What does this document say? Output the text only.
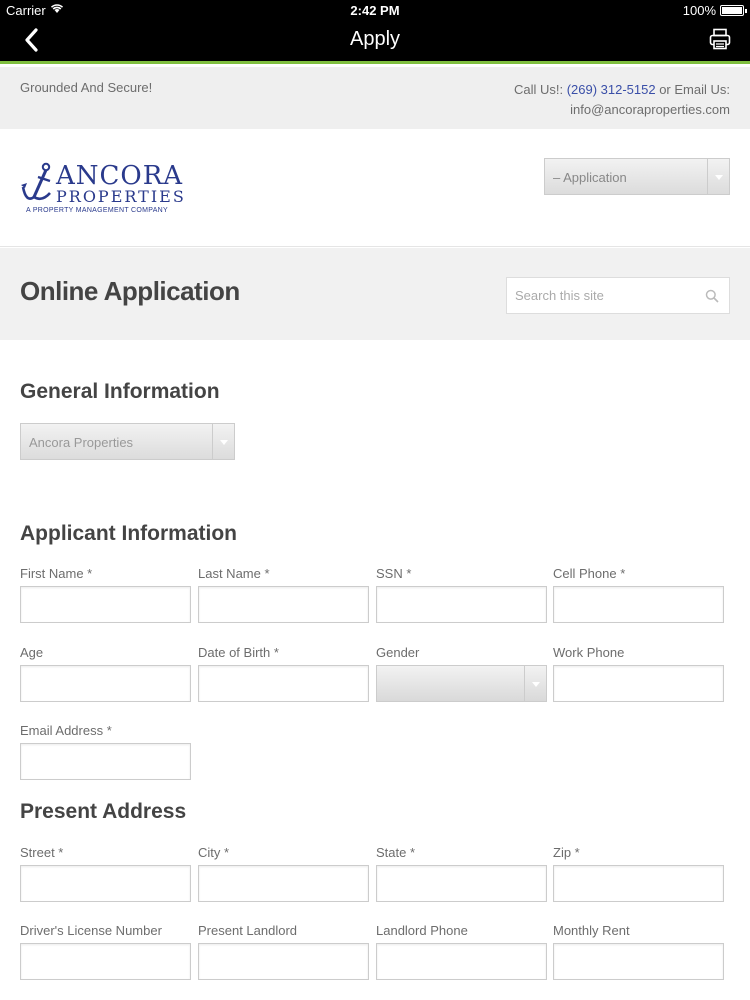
Carrier	2:42 PM	100%
Apply
Grounded And Secure!	Call Us!: (269) 312-5152 or Email Us:
info@ancoraproperties.com
ANCORA
PROPERTIES
A PROPERTY MANAGEMENT COMPANY
– Application
Online Application
Search this site
General Information
Ancora Properties
Applicant Information
First Name *	Last Name *	SSN *	Cell Phone *
Age	Date of Birth *	Gender	Work Phone
Email Address *
Present Address
Street *	City *	State *	Zip *
Driver's License Number	Present Landlord	Landlord Phone	Monthly Rent
